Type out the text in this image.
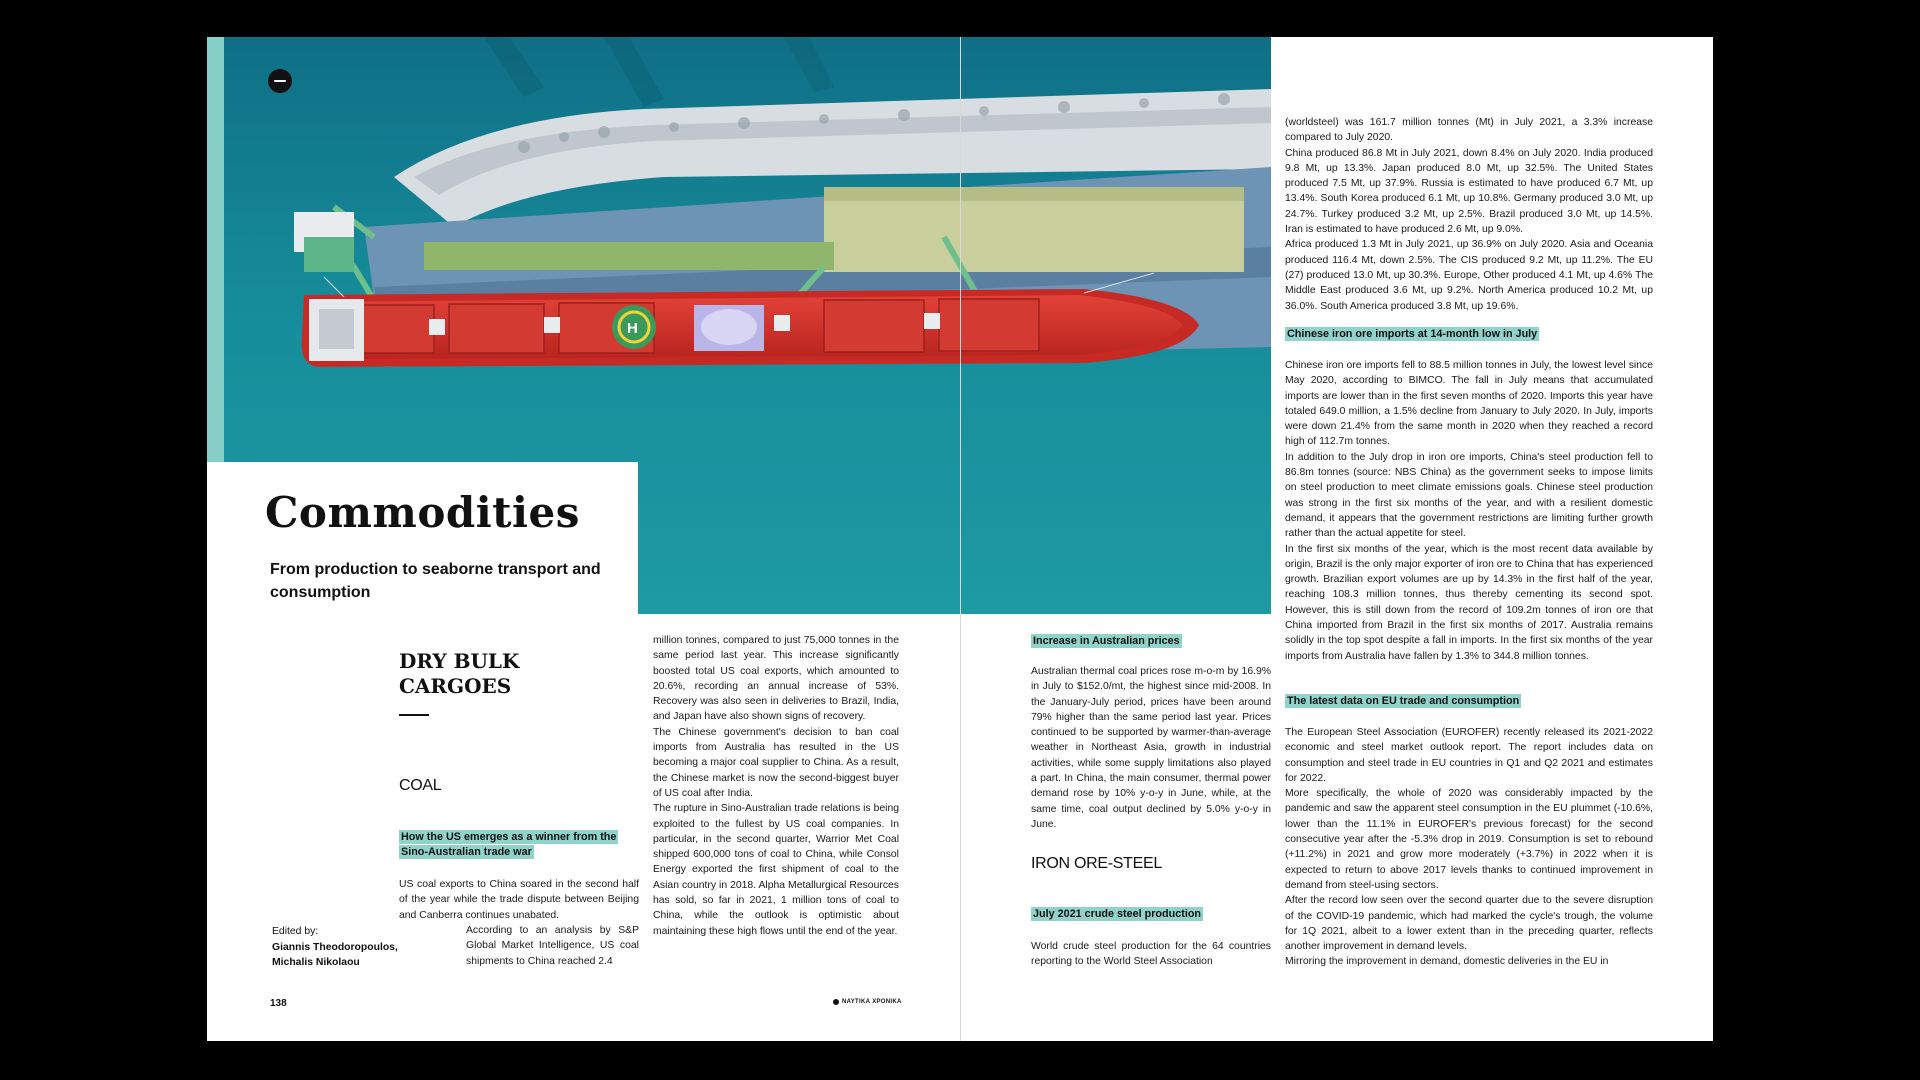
H
Commodities
From production to seaborne transport and consumption
DRY BULK CARGOES
COAL
How the US emerges as a winner from the Sino-Australian trade war
US coal exports to China soared in the second half of the year while the trade dispute between Beijing and Canberra continues unabated.
According to an analysis by S&P Global Market Intelligence, US coal shipments to China reached 2.4
Edited by:
Giannis Theodoropoulos,
Michalis Nikolaou

million tonnes, compared to just 75,000 tonnes in the same period last year. This increase significantly boosted total US coal exports, which amounted to 20.6%, recording an annual increase of 53%. Recovery was also seen in deliveries to Brazil, India, and Japan have also shown signs of recovery.

The Chinese government's decision to ban coal imports from Australia has resulted in the US becoming a major coal supplier to China. As a result, the Chinese market is now the second-biggest buyer of US coal after India.

The rupture in Sino-Australian trade relations is being exploited to the fullest by US coal companies. In particular, in the second quarter, Warrior Met Coal shipped 600,000 tons of coal to China, while Consol Energy exported the first shipment of coal to the Asian country in 2018. Alpha Metallurgical Resources has sold, so far in 2021, 1 million tons of coal to China, while the outlook is optimistic about maintaining these high flows until the end of the year.

138	ΝΑΥΤΙΚΑ ΧΡΟΝΙΚΑ
Increase in Australian prices
Australian thermal coal prices rose m-o-m by 16.9% in July to $152.0/mt, the highest since mid-2008. In the January-July period, prices have been around 79% higher than the same period last year. Prices continued to be supported by warmer-than-average weather in Northeast Asia, growth in industrial activities, while some supply limitations also played a part. In China, the main consumer, thermal power demand rose by 10% y-o-y in June, while, at the same time, coal output declined by 5.0% y-o-y in June.
IRON ORE-STEEL
July 2021 crude steel production
World crude steel production for the 64 countries reporting to the World Steel Association

(worldsteel) was 161.7 million tonnes (Mt) in July 2021, a 3.3% increase compared to July 2020.

China produced 86.8 Mt in July 2021, down 8.4% on July 2020. India produced 9.8 Mt, up 13.3%. Japan produced 8.0 Mt, up 32.5%. The United States produced 7.5 Mt, up 37.9%. Russia is estimated to have produced 6.7 Mt, up 13.4%. South Korea produced 6.1 Mt, up 10.8%. Germany produced 3.0 Mt, up 24.7%. Turkey produced 3.2 Mt, up 2.5%. Brazil produced 3.0 Mt, up 14.5%. Iran is estimated to have produced 2.6 Mt, up 9.0%.

Africa produced 1.3 Mt in July 2021, up 36.9% on July 2020. Asia and Oceania produced 116.4 Mt, down 2.5%. The CIS produced 9.2 Mt, up 11.2%. The EU (27) produced 13.0 Mt, up 30.3%. Europe, Other produced 4.1 Mt, up 4.6% The Middle East produced 3.6 Mt, up 9.2%. North America produced 10.2 Mt, up 36.0%. South America produced 3.8 Mt, up 19.6%.

Chinese iron ore imports at 14-month low in July

Chinese iron ore imports fell to 88.5 million tonnes in July, the lowest level since May 2020, according to BIMCO. The fall in July means that accumulated imports are lower than in the first seven months of 2020. Imports this year have totaled 649.0 million, a 1.5% decline from January to July 2020. In July, imports were down 21.4% from the same month in 2020 when they reached a record high of 112.7m tonnes.

In addition to the July drop in iron ore imports, China's steel production fell to 86.8m tonnes (source: NBS China) as the government seeks to impose limits on steel production to meet climate emissions goals. Chinese steel production was strong in the first six months of the year, and with a resilient domestic demand, it appears that the government restrictions are limiting further growth rather than the actual appetite for steel.

In the first six months of the year, which is the most recent data available by origin, Brazil is the only major exporter of iron ore to China that has experienced growth. Brazilian export volumes are up by 14.3% in the first half of the year, reaching 108.3 million tonnes, thus thereby cementing its second spot. However, this is still down from the record of 109.2m tonnes of iron ore that China imported from Brazil in the first six months of 2017. Australia remains solidly in the top spot despite a fall in imports. In the first six months of the year imports from Australia have fallen by 1.3% to 344.8 million tonnes.

The latest data on EU trade and consumption

The European Steel Association (EUROFER) recently released its 2021-2022 economic and steel market outlook report. The report includes data on consumption and steel trade in EU countries in Q1 and Q2 2021 and estimates for 2022.

More specifically, the whole of 2020 was considerably impacted by the pandemic and saw the apparent steel consumption in the EU plummet (-10.6%, lower than the 11.1% in EUROFER's previous forecast) for the second consecutive year after the -5.3% drop in 2019. Consumption is set to rebound (+11.2%) in 2021 and grow more moderately (+3.7%) in 2022 when it is expected to return to above 2017 levels thanks to continued improvement in demand from steel-using sectors.

After the record low seen over the second quarter due to the severe disruption of the COVID-19 pandemic, which had marked the cycle's trough, the volume for 1Q 2021, albeit to a lower extent than in the preceding quarter, reflects another improvement in demand levels.

Mirroring the improvement in demand, domestic deliveries in the EU in
